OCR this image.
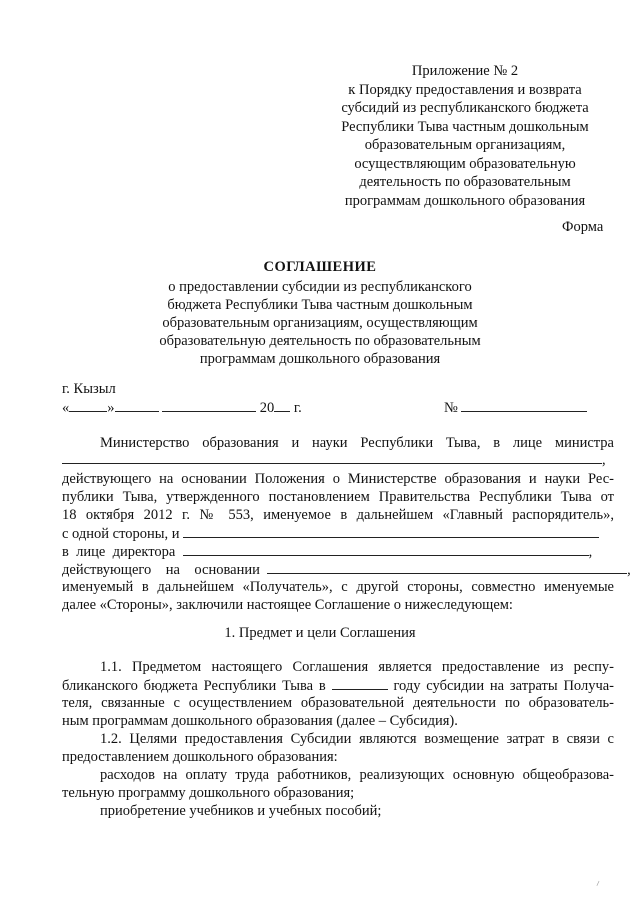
Приложение № 2
к Порядку предоставления и возврата
субсидий из республиканского бюджета
Республики Тыва частным дошкольным
образовательным организациям,
осуществляющим образовательную
деятельность по образовательным
программам дошкольного образования
Форма
СОГЛАШЕНИЕ
о предоставлении субсидии из республиканского
бюджета Республики Тыва частным дошкольным
образовательным организациям, осуществляющим
образовательную деятельность по образовательным
программам дошкольного образования
г. Кызыл
«	»	20 г.	№
Министерство образования и науки Республики Тыва, в лице министра
,
действующего на основании Положения о Министерстве образования и науки Рес-
публики Тыва, утвержденного постановлением Правительства Республики Тыва от
18 октября 2012 г. № 553, именуемое в дальнейшем «Главный распорядитель»,
с одной стороны, и
в лице директора	,
действующего на основании	,
именуемый в дальнейшем «Получатель», с другой стороны, совместно именуемые
далее «Стороны», заключили настоящее Соглашение о нижеследующем:
1. Предмет и цели Соглашения
1.1. Предметом настоящего Соглашения является предоставление из респу-
бликанского бюджета Республики Тыва в	году субсидии на затраты Получа-
теля, связанные с осуществлением образовательной деятельности по образователь-
ным программам дошкольного образования (далее – Субсидия).
1.2. Целями предоставления Субсидии являются возмещение затрат в связи с
предоставлением дошкольного образования:
расходов на оплату труда работников, реализующих основную общеобразова-
тельную программу дошкольного образования;
приобретение учебников и учебных пособий;
⸍
